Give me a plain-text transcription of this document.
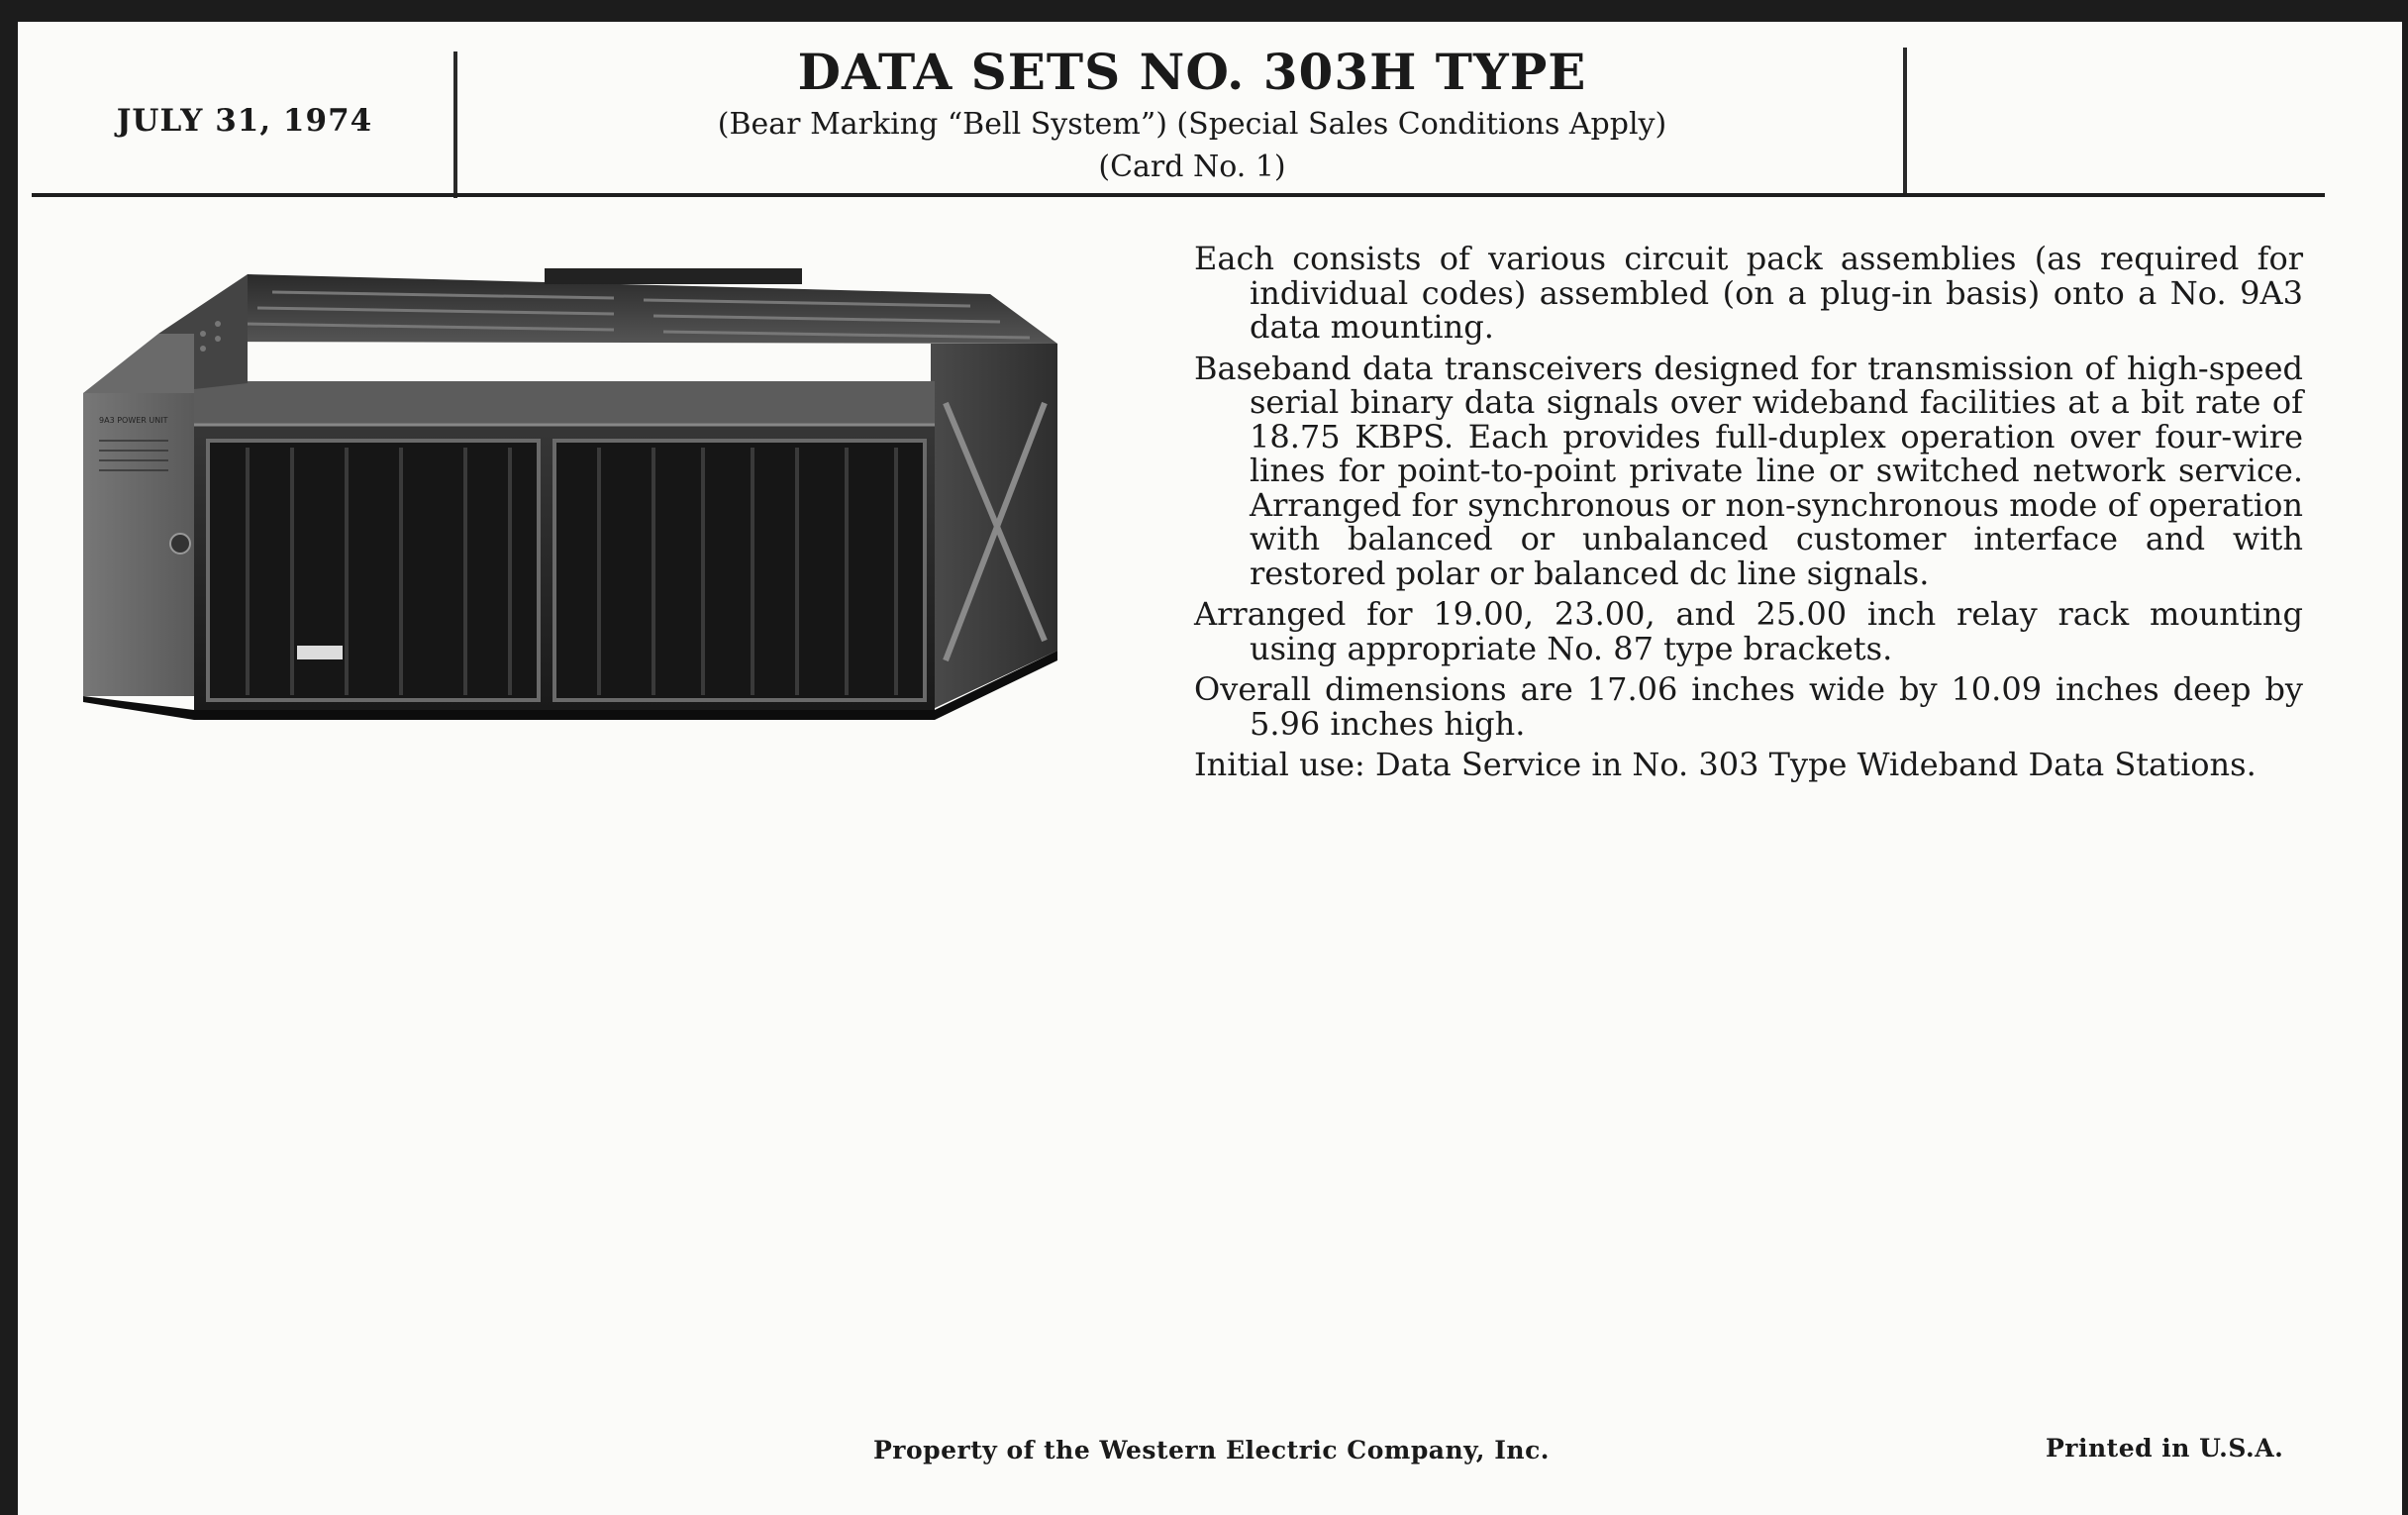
JULY 31, 1974
DATA SETS NO. 303H TYPE
(Bear Marking “Bell System”) (Special Sales Conditions Apply)
(Card No. 1)
9A3 POWER UNIT

Each consists of various circuit pack assemblies (as required for individual codes) assembled (on a plug-in basis) onto a No. 9A3 data mounting.

Baseband data transceivers designed for transmission of high-speed serial binary data signals over wideband facilities at a bit rate of 18.75 KBPS. Each provides full-duplex operation over four-wire lines for point-to-point private line or switched network service. Arranged for synchronous or non-synchronous mode of operation with balanced or unbalanced customer interface and with restored polar or balanced dc line signals.

Arranged for 19.00, 23.00, and 25.00 inch relay rack mounting using appropriate No. 87 type brackets.

Overall dimensions are 17.06 inches wide by 10.09 inches deep by 5.96 inches high.

Initial use: Data Service in No. 303 Type Wideband Data Stations.

Property of the Western Electric Company, Inc.	Printed in U.S.A.
